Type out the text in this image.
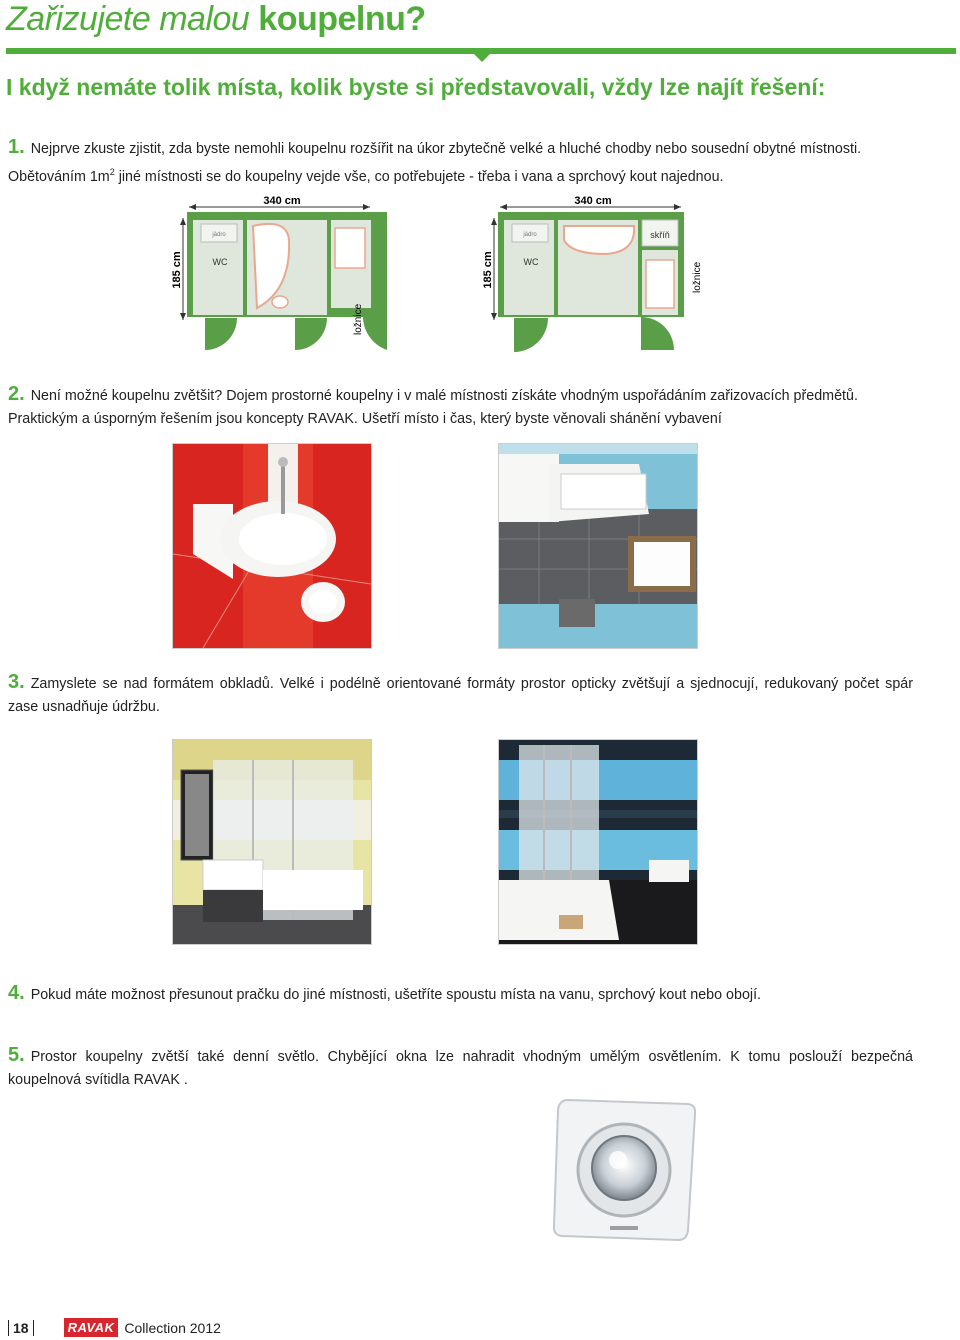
Zařizujete malou koupelnu?
I když nemáte tolik místa, kolik byste si představovali, vždy lze najít řešení:
1. Nejprve zkuste zjistit, zda byste nemohli koupelnu rozšířit na úkor zbytečně velké a hluché chodby nebo sousední obytné místnosti. Obětováním $1m^2$ jiné místnosti se do koupelny vejde vše, co potřebujete - třeba i vana a sprchový kout najednou.
340 cm
185 cm
jádro
WC
ložnice
340 cm
185 cm
skříň
jádro
WC	ložnice
2. Není možné koupelnu zvětšit? Dojem prostorné koupelny i v malé místnosti získáte vhodným uspořádáním zařizovacích předmětů. Praktickým a úsporným řešením jsou koncepty RAVAK. Ušetří místo i čas, který byste věnovali shánění vybavení
3. Zamyslete se nad formátem obkladů. Velké i podélně orientované formáty prostor opticky zvětšují a sjednocují, redukovaný počet spár zase usnadňuje údržbu.
4. Pokud máte možnost přesunout pračku do jiné místnosti, ušetříte spoustu místa na vanu, sprchový kout nebo obojí.
5. Prostor koupelny zvětší také denní světlo. Chybějící okna lze nahradit vhodným umělým osvětlením. K tomu poslouží bezpečná koupelnová svítidla RAVAK .
18	RAVAK Collection 2012
